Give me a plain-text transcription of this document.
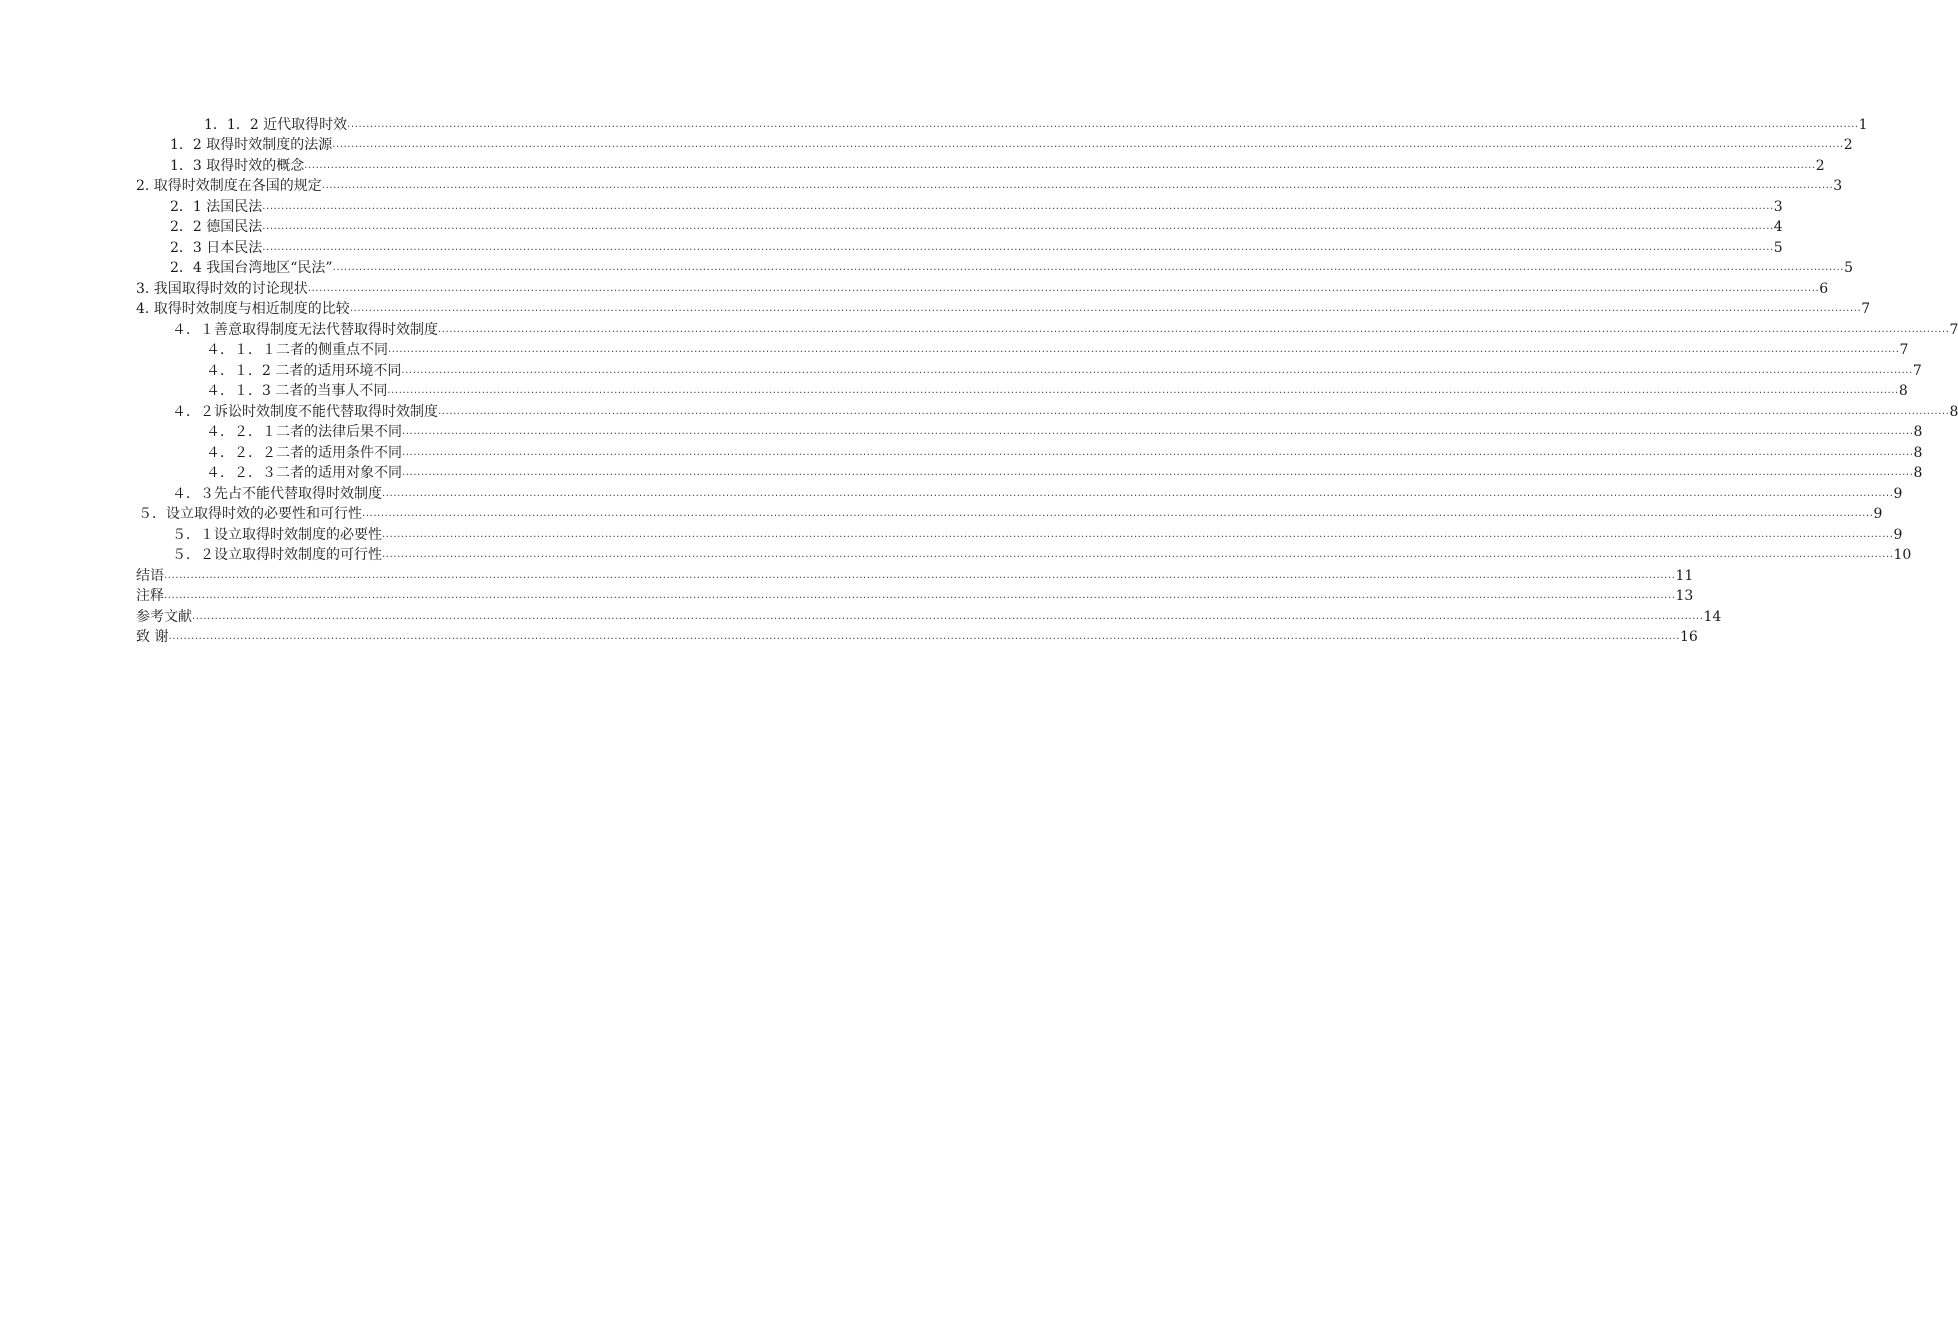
1．1．2 近代取得时效 ................................................................................................................................................................................................................................................................................................................................................................................................................ 1
1．2 取得时效制度的法源 ................................................................................................................................................................................................................................................................................................................................................................................................................ 2
1．3 取得时效的概念 ................................................................................................................................................................................................................................................................................................................................................................................................................ 2
2. 取得时效制度在各国的规定 ................................................................................................................................................................................................................................................................................................................................................................................................................ 3
2．1 法国民法 ................................................................................................................................................................................................................................................................................................................................................................................................................ 3
2．2 德国民法 ................................................................................................................................................................................................................................................................................................................................................................................................................ 4
2．3 日本民法 ................................................................................................................................................................................................................................................................................................................................................................................................................ 5
2．4 我国台湾地区“民法” ................................................................................................................................................................................................................................................................................................................................................................................................................ 5
3. 我国取得时效的讨论现状 ................................................................................................................................................................................................................................................................................................................................................................................................................ 6
4. 取得时效制度与相近制度的比较 ................................................................................................................................................................................................................................................................................................................................................................................................................ 7
４．１善意取得制度无法代替取得时效制度 ................................................................................................................................................................................................................................................................................................................................................................................................................ 7
４．１．１二者的侧重点不同 ................................................................................................................................................................................................................................................................................................................................................................................................................ 7
４．１．2 二者的适用环境不同 ................................................................................................................................................................................................................................................................................................................................................................................................................ 7
４．１．3 二者的当事人不同 ................................................................................................................................................................................................................................................................................................................................................................................................................ 8
４．２诉讼时效制度不能代替取得时效制度 ................................................................................................................................................................................................................................................................................................................................................................................................................ 8
４．２．１二者的法律后果不同 ................................................................................................................................................................................................................................................................................................................................................................................................................ 8
４．２．２二者的适用条件不同 ................................................................................................................................................................................................................................................................................................................................................................................................................ 8
４．２．３二者的适用对象不同 ................................................................................................................................................................................................................................................................................................................................................................................................................ 8
４．３先占不能代替取得时效制度 ................................................................................................................................................................................................................................................................................................................................................................................................................ 9
５．设立取得时效的必要性和可行性 ................................................................................................................................................................................................................................................................................................................................................................................................................ 9
５．１设立取得时效制度的必要性 ................................................................................................................................................................................................................................................................................................................................................................................................................ 9
５．２设立取得时效制度的可行性 ................................................................................................................................................................................................................................................................................................................................................................................................................ 10
结语 ................................................................................................................................................................................................................................................................................................................................................................................................................ 11
注释 ................................................................................................................................................................................................................................................................................................................................................................................................................ 13
参考文献 ................................................................................................................................................................................................................................................................................................................................................................................................................ 14
致 谢 ................................................................................................................................................................................................................................................................................................................................................................................................................ 16
